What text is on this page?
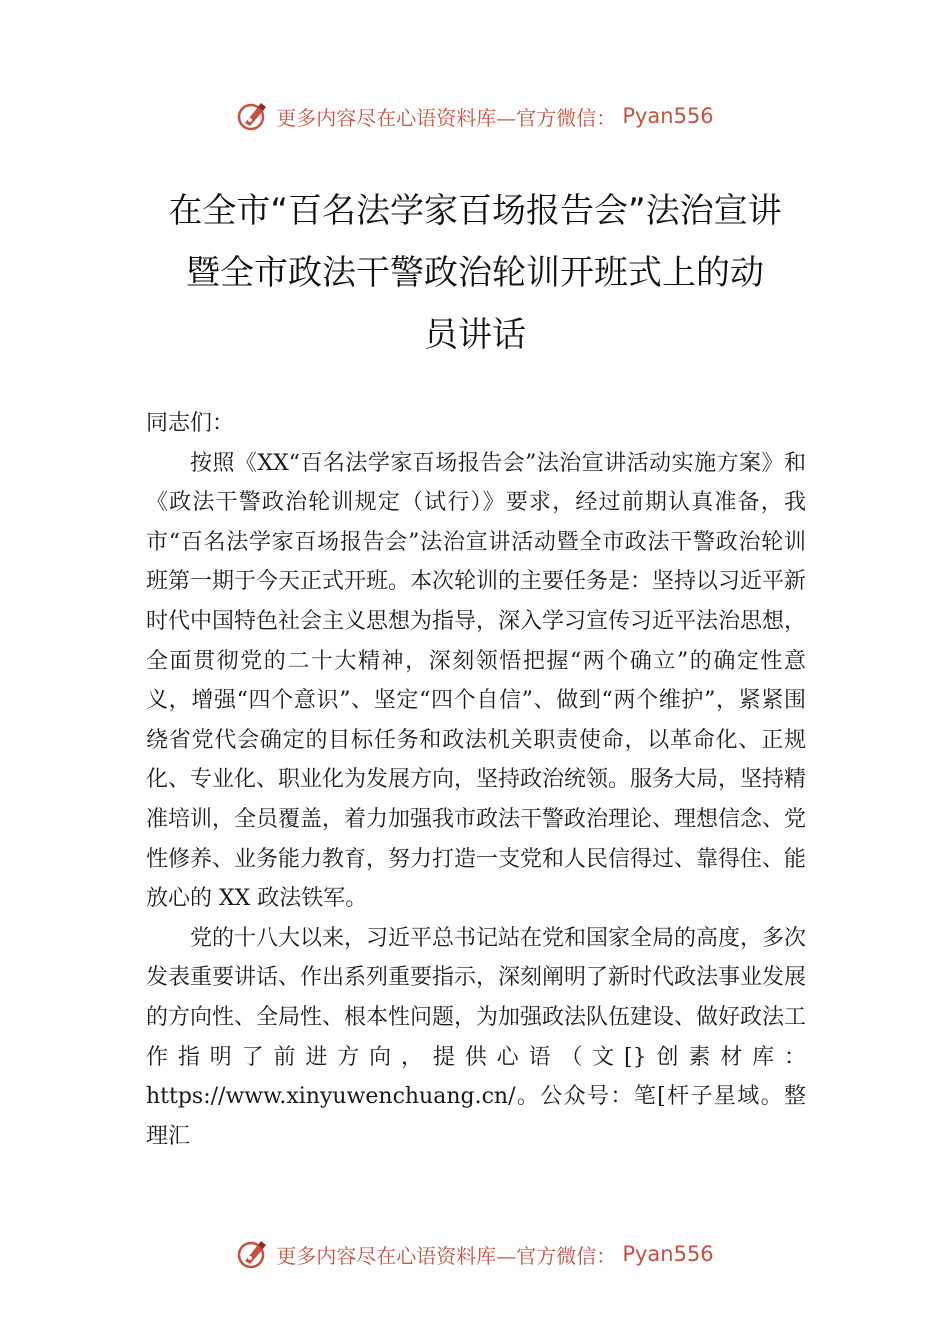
更多内容尽在心语资料库—官方微信： Pyan556
在全市“百名法学家百场报告会”法治宣讲
暨全市政法干警政治轮训开班式上的动
员讲话

同志们：

按照《XX“百名法学家百场报告会”法治宣讲活动实施方案》和《政法干警政治轮训规定（试行）》要求，经过前期认真准备，我市“百名法学家百场报告会”法治宣讲活动暨全市政法干警政治轮训班第一期于今天正式开班。本次轮训的主要任务是：坚持以习近平新时代中国特色社会主义思想为指导，深入学习宣传习近平法治思想，全面贯彻党的二十大精神，深刻领悟把握“两个确立”的确定性意义，增强“四个意识”、坚定“四个自信”、做到“两个维护”，紧紧围绕省党代会确定的目标任务和政法机关职责使命，以革命化、正规化、专业化、职业化为发展方向，坚持政治统领。服务大局，坚持精准培训，全员覆盖，着力加强我市政法干警政治理论、理想信念、党性修养、业务能力教育，努力打造一支党和人民信得过、靠得住、能放心的 XX 政法铁军。

党的十八大以来，习近平总书记站在党和国家全局的高度，多次发表重要讲话、作出系列重要指示，深刻阐明了新时代政法事业发展的方向性、全局性、根本性问题，为加强政法队伍建设、做好政法工作指明了前进方向，提供心语（文[}创素材库：https://www.xinyuwenchuang.cn/。公众号：笔[杆子星域。整理汇

更多内容尽在心语资料库—官方微信： Pyan556
